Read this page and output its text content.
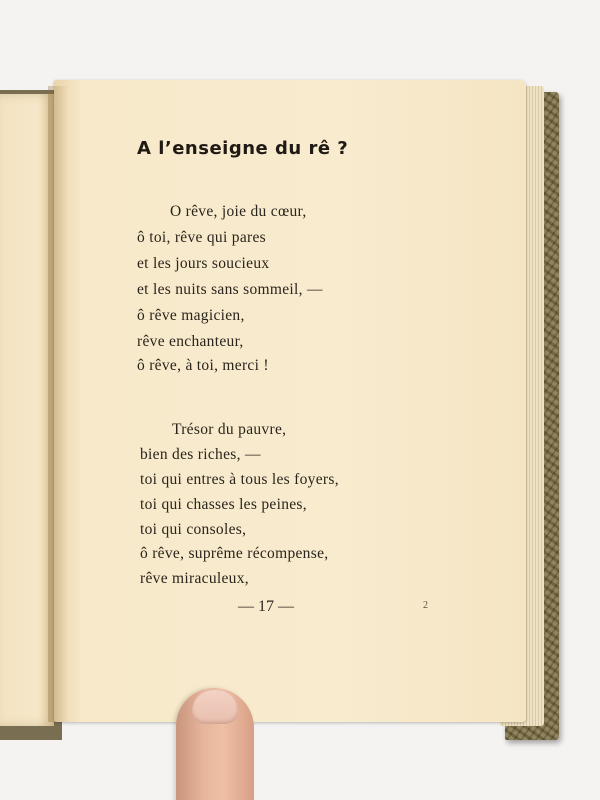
A l’enseigne du rê ?
O rêve, joie du cœur,
ô toi, rêve qui pares
et les jours soucieux
et les nuits sans sommeil, —
ô rêve magicien,
rêve enchanteur,
ô rêve, à toi, merci !
Trésor du pauvre,
bien des riches, —
toi qui entres à tous les foyers,
toi qui chasses les peines,
toi qui consoles,
ô rêve, suprême récompense,
rêve miraculeux,
— 17 —	2
